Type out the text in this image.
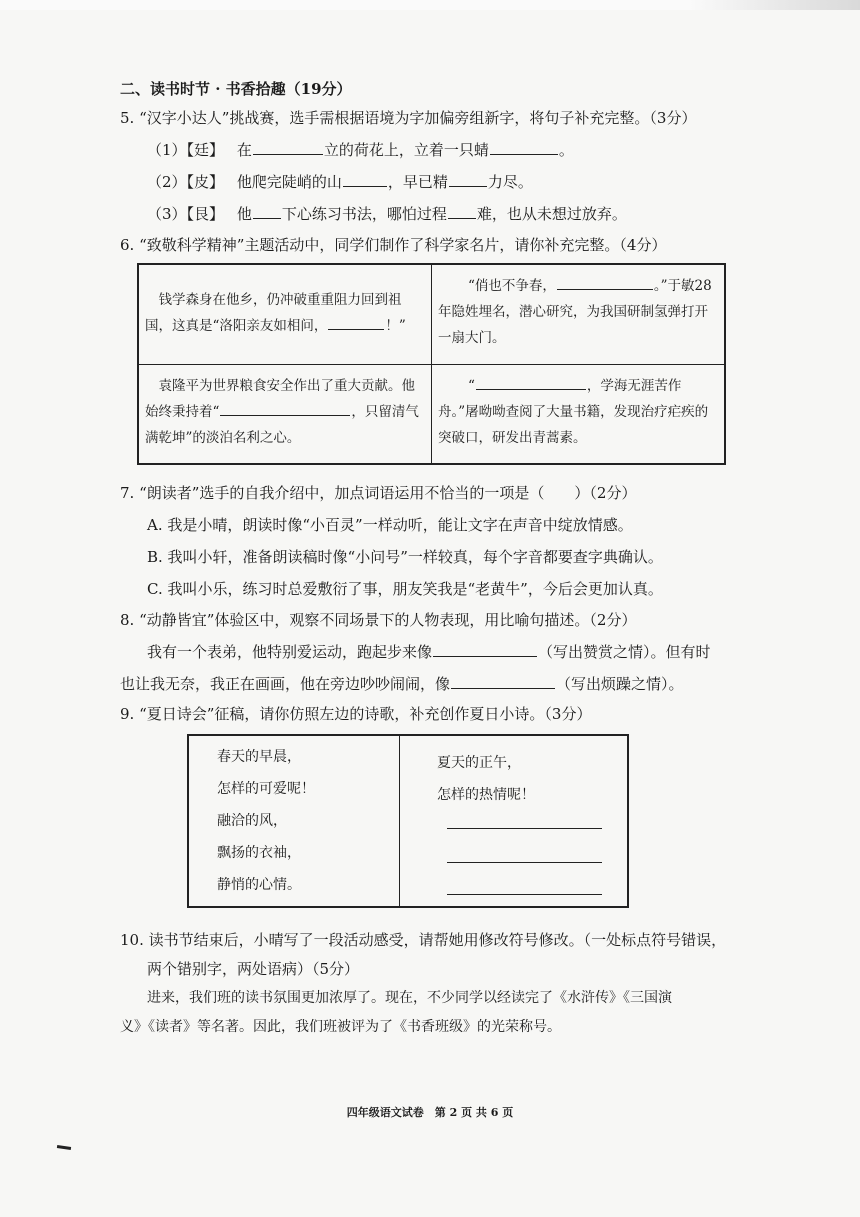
二、读书时节 · 书香拾趣（19分）
5. “汉字小达人”挑战赛，选手需根据语境为字加偏旁组新字，将句子补充完整。（3分）
（1）【廷】 在	立的荷花上，立着一只蜻	。
（2）【皮】 他爬完陡峭的山	，早已精	力尽。
（3）【艮】 他 下心练习书法，哪怕过程 难，也从未想过放弃。
6. “致敬科学精神”主题活动中，同学们制作了科学家名片，请你补充完整。（4分）
　钱学森身在他乡，仍冲破重重阻力回到祖国，这真是“洛阳亲友如相问， ！”	“俏也不争春， 。”于敏28年隐姓埋名，潜心研究，为我国研制氢弹打开一扇大门。
　袁隆平为世界粮食安全作出了重大贡献。他始终秉持着“ ，只留清气满乾坤”的淡泊名利之心。	“ ，学海无涯苦作舟。”屠呦呦查阅了大量书籍，发现治疗疟疾的突破口，研发出青蒿素。
7. “朗读者”选手的自我介绍中，加点词语运用不恰当的一项是（　　）（2分）
A. 我是小晴，朗读时像“小百灵”一样动听，能让文字在声音中绽放情感。
B. 我叫小轩，准备朗读稿时像“小问号”一样较真，每个字音都要查字典确认。
C. 我叫小乐，练习时总爱敷衍了事，朋友笑我是“老黄牛”，今后会更加认真。
8. “动静皆宜”体验区中，观察不同场景下的人物表现，用比喻句描述。（2分）
我有一个表弟，他特别爱运动，跑起步来像	（写出赞赏之情）。但有时
也让我无奈，我正在画画，他在旁边吵吵闹闹，像	（写出烦躁之情）。
9. “夏日诗会”征稿，请你仿照左边的诗歌，补充创作夏日小诗。（3分）
春天的早晨，
怎样的可爱呢！
融洽的风，
飘扬的衣袖，
静悄的心情。
夏天的正午，
怎样的热情呢！
10. 读书节结束后，小晴写了一段活动感受，请帮她用修改符号修改。（一处标点符号错误，
两个错别字，两处语病）（5分）
进来，我们班的读书氛围更加浓厚了。现在，不少同学以经读完了《水浒传》《三国演
义》《读者》等名著。因此，我们班被评为了《书香班级》的光荣称号。
四年级语文试卷　第 2 页 共 6 页
